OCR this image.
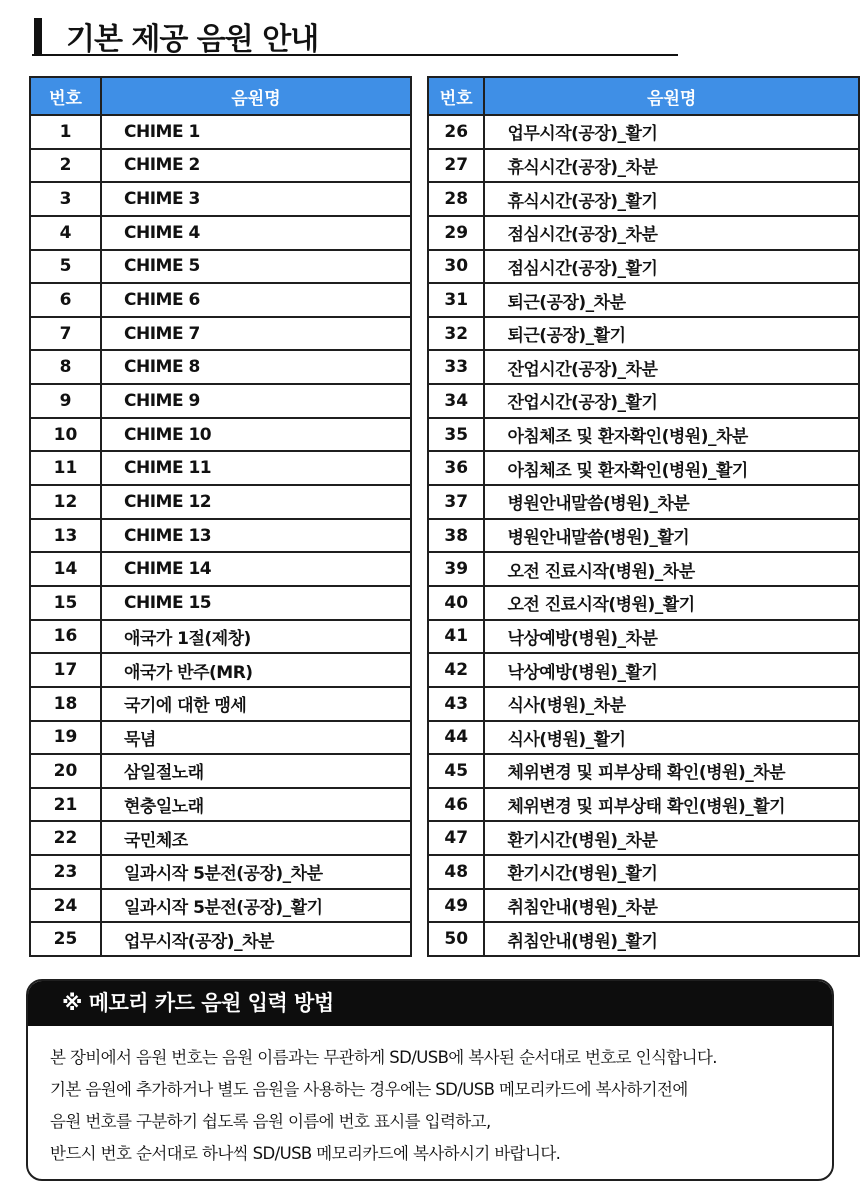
기본 제공 음원 안내
번호	음원명
1	CHIME 1
2	CHIME 2
3	CHIME 3
4	CHIME 4
5	CHIME 5
6	CHIME 6
7	CHIME 7
8	CHIME 8
9	CHIME 9
10	CHIME 10
11	CHIME 11
12	CHIME 12
13	CHIME 13
14	CHIME 14
15	CHIME 15
16	애국가 1절(제창)
17	애국가 반주(MR)
18	국기에 대한 맹세
19	묵념
20	삼일절노래
21	현충일노래
22	국민체조
23	일과시작 5분전(공장)_차분
24	일과시작 5분전(공장)_활기
25	업무시작(공장)_차분
번호	음원명
26	업무시작(공장)_활기
27	휴식시간(공장)_차분
28	휴식시간(공장)_활기
29	점심시간(공장)_차분
30	점심시간(공장)_활기
31	퇴근(공장)_차분
32	퇴근(공장)_활기
33	잔업시간(공장)_차분
34	잔업시간(공장)_활기
35	아침체조 및 환자확인(병원)_차분
36	아침체조 및 환자확인(병원)_활기
37	병원안내말씀(병원)_차분
38	병원안내말씀(병원)_활기
39	오전 진료시작(병원)_차분
40	오전 진료시작(병원)_활기
41	낙상예방(병원)_차분
42	낙상예방(병원)_활기
43	식사(병원)_차분
44	식사(병원)_활기
45	체위변경 및 피부상태 확인(병원)_차분
46	체위변경 및 피부상태 확인(병원)_활기
47	환기시간(병원)_차분
48	환기시간(병원)_활기
49	취침안내(병원)_차분
50	취침안내(병원)_활기
※ 메모리 카드 음원 입력 방법
본 장비에서 음원 번호는 음원 이름과는 무관하게 SD/USB에 복사된 순서대로 번호로 인식합니다.
기본 음원에 추가하거나 별도 음원을 사용하는 경우에는 SD/USB 메모리카드에 복사하기전에
음원 번호를 구분하기 쉽도록 음원 이름에 번호 표시를 입력하고,
반드시 번호 순서대로 하나씩 SD/USB 메모리카드에 복사하시기 바랍니다.
